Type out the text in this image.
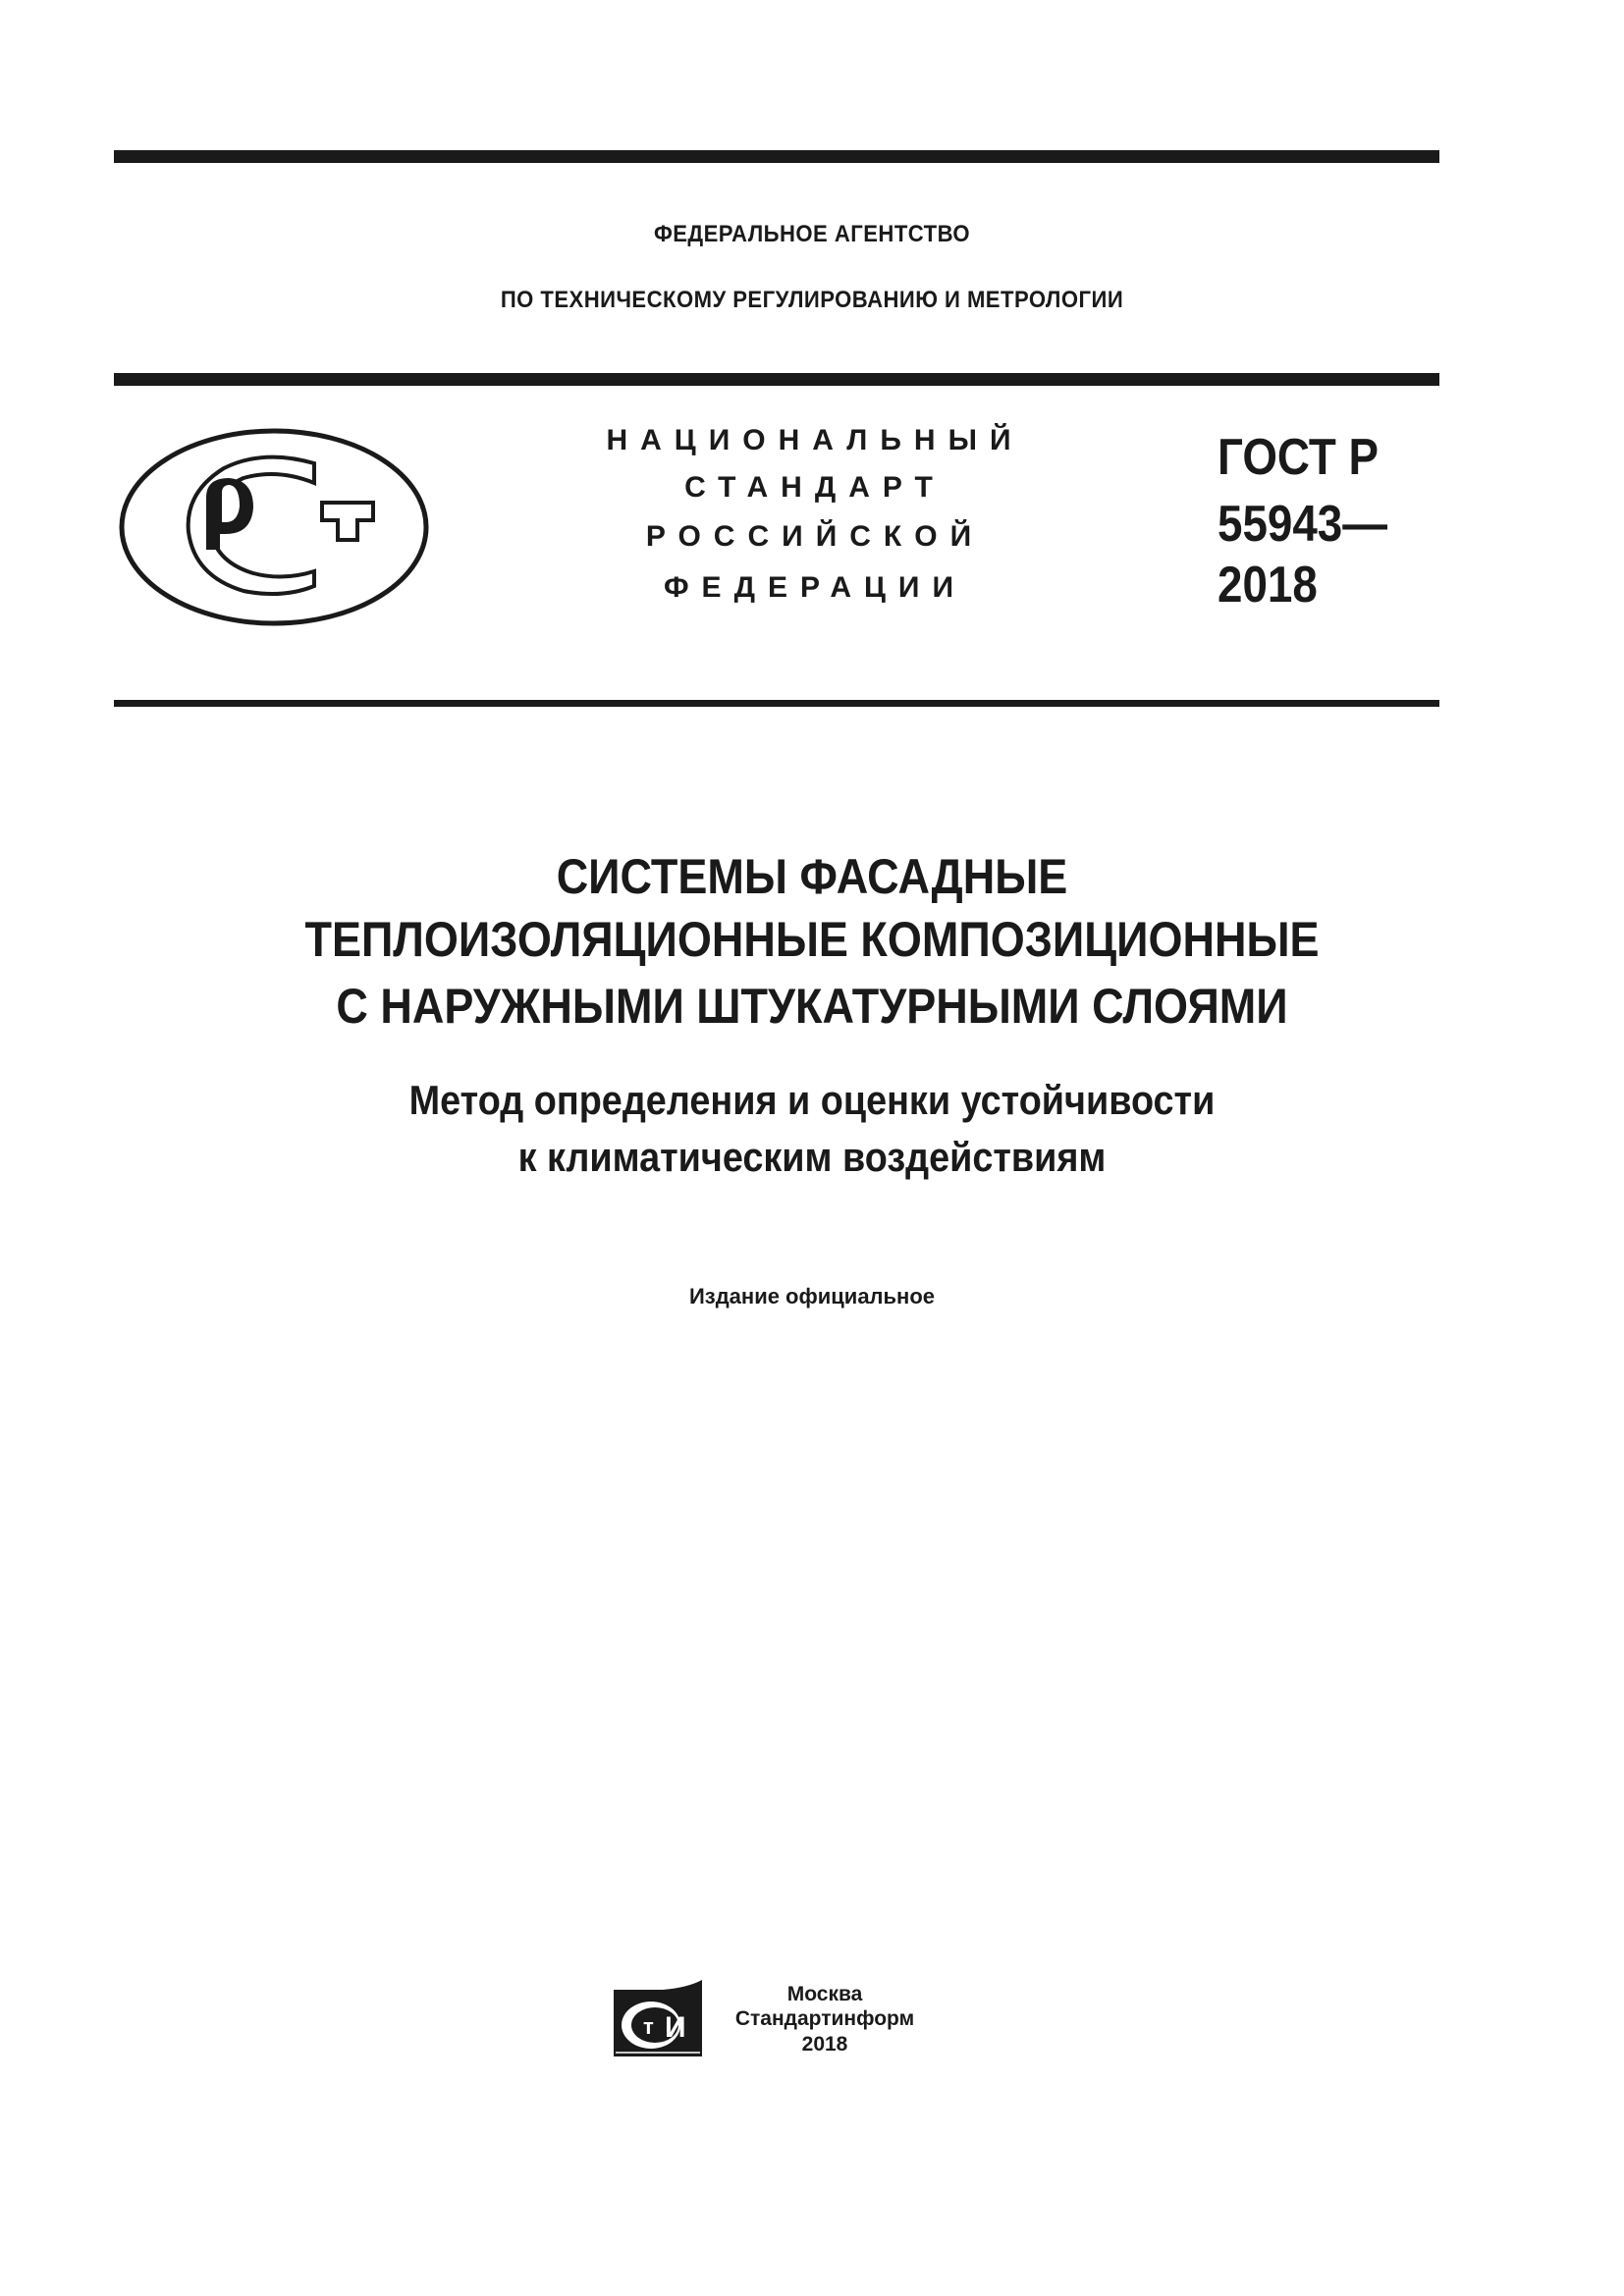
ФЕДЕРАЛЬНОЕ АГЕНТСТВО
ПО ТЕХНИЧЕСКОМУ РЕГУЛИРОВАНИЮ И МЕТРОЛОГИИ
НАЦИОНАЛЬНЫЙ
СТАНДАРТ
РОССИЙСКОЙ
ФЕДЕРАЦИИ
ГОСТ Р
55943—
2018
СИСТЕМЫ ФАСАДНЫЕ
ТЕПЛОИЗОЛЯЦИОННЫЕ КОМПОЗИЦИОННЫЕ
С НАРУЖНЫМИ ШТУКАТУРНЫМИ СЛОЯМИ
Метод определения и оценки устойчивости
к климатическим воздействиям
Издание официальное
т И
Москва
Стандартинформ
2018
